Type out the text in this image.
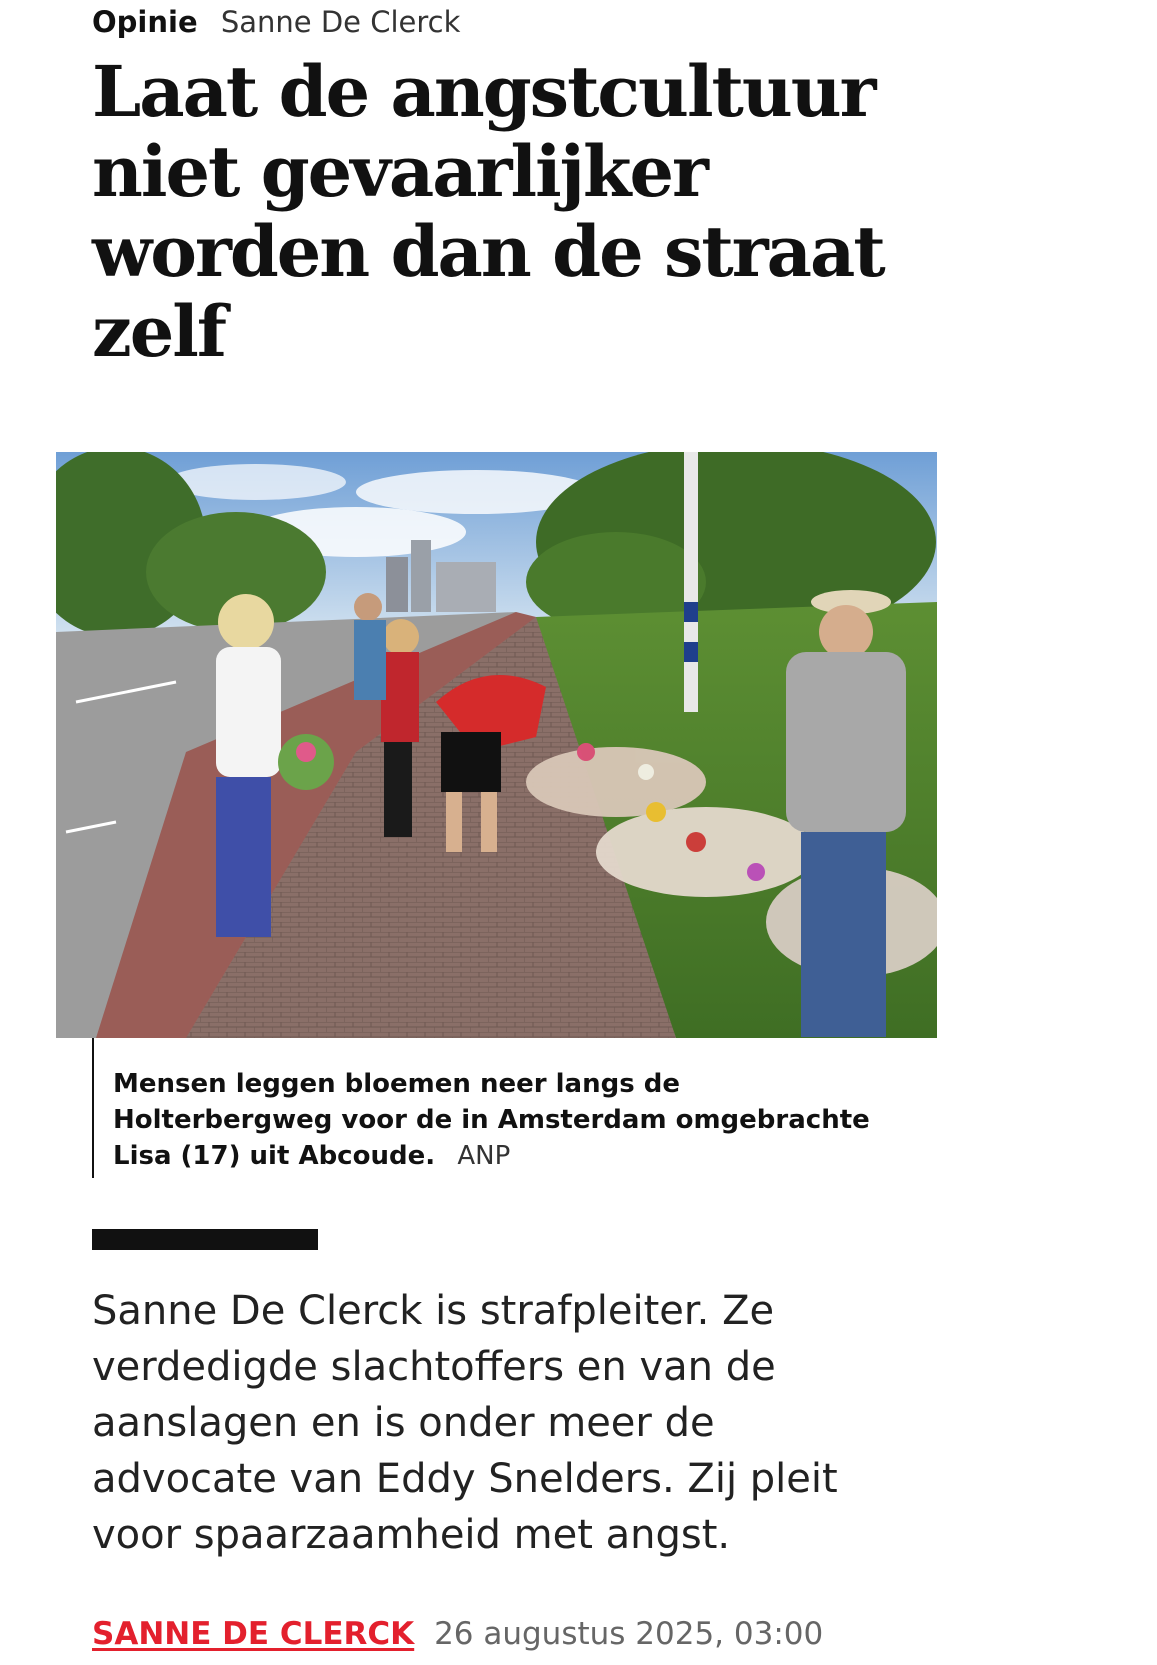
Opinie Sanne De Clerck
Laat de angstcultuur niet gevaarlijker worden dan de straat zelf
Mensen leggen bloemen neer langs de Holterbergweg voor de in Amsterdam omgebrachte Lisa (17) uit Abcoude. ANP

Sanne De Clerck is strafpleiter. Ze verdedigde slachtoffers en van de aanslagen en is onder meer de advocate van Eddy Snelders. Zij pleit voor spaarzaamheid met angst.

SANNE DE CLERCK 26 augustus 2025, 03:00
